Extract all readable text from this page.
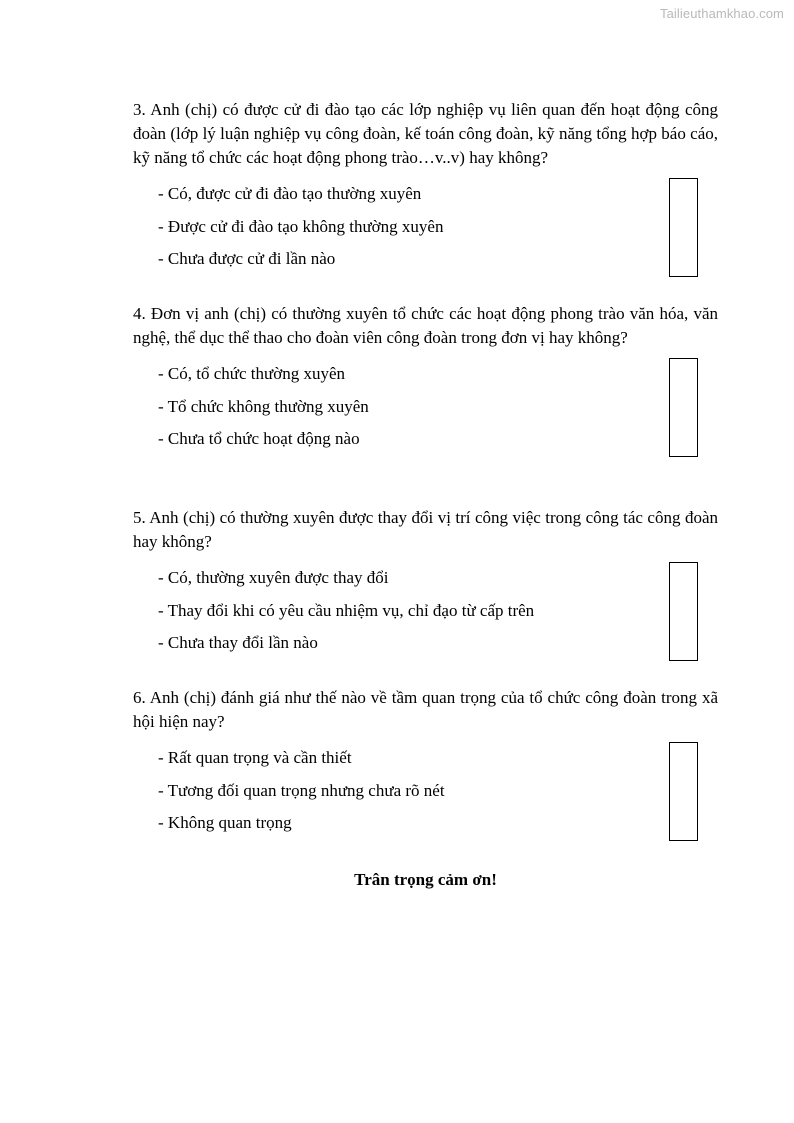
Tailieuthamkhao.com

3. Anh (chị) có được cử đi đào tạo các lớp nghiệp vụ liên quan đến hoạt động công đoàn (lớp lý luận nghiệp vụ công đoàn, kế toán công đoàn, kỹ năng tổng hợp báo cáo, kỹ năng tổ chức các hoạt động phong trào…v..v) hay không?

- Có, được cử đi đào tạo thường xuyên
- Được cử đi đào tạo không thường xuyên
- Chưa được cử đi lần nào

4. Đơn vị anh (chị) có thường xuyên tổ chức các hoạt động phong trào văn hóa, văn nghệ, thể dục thể thao cho đoàn viên công đoàn trong đơn vị hay không?

- Có, tổ chức thường xuyên
- Tổ chức không thường xuyên
- Chưa tổ chức hoạt động nào

5. Anh (chị) có thường xuyên được thay đổi vị trí công việc trong công tác công đoàn hay không?

- Có, thường xuyên được thay đổi
- Thay đổi khi có yêu cầu nhiệm vụ, chỉ đạo từ cấp trên
- Chưa thay đổi lần nào

6. Anh (chị) đánh giá như thế nào về tầm quan trọng của tổ chức công đoàn trong xã hội hiện nay?

- Rất quan trọng và cần thiết
- Tương đối quan trọng nhưng chưa rõ nét
- Không quan trọng
Trân trọng cảm ơn!
